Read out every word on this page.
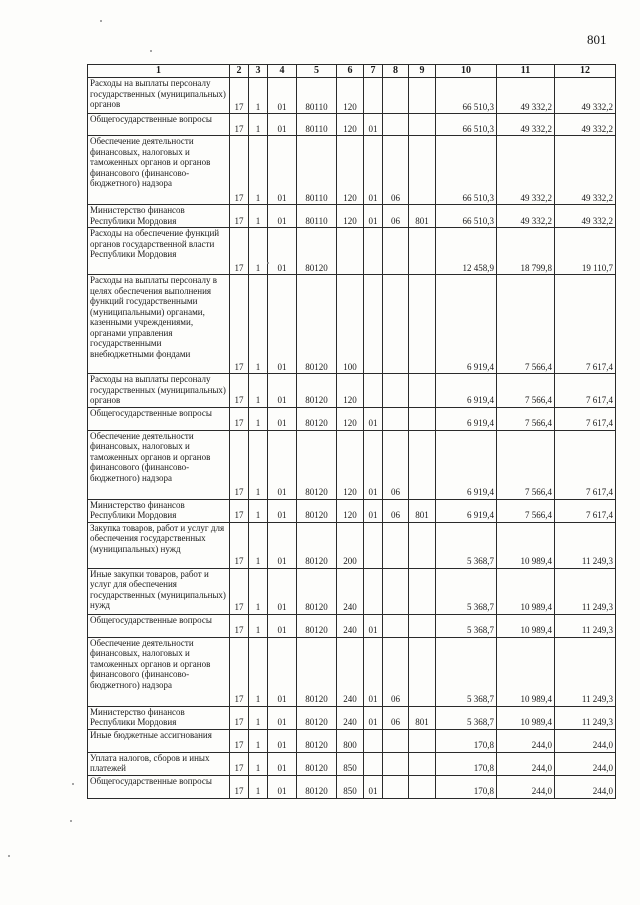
801
1	2	3	4	5	6	7	8	9	10	11	12
Расходы на выплаты персоналу государственных (муниципальных) органов	17	1	01	80110	120				66 510,3	49 332,2	49 332,2
Общегосударственные вопросы	17	1	01	80110	120	01			66 510,3	49 332,2	49 332,2
Обеспечение деятельности финансовых, налоговых и таможенных органов и органов финансового (финансово-бюджетного) надзора	17	1	01	80110	120	01	06		66 510,3	49 332,2	49 332,2
Министерство финансов Республики Мордовия	17	1	01	80110	120	01	06	801	66 510,3	49 332,2	49 332,2
Расходы на обеспечение функций органов государственной власти Республики Мордовия	17	1	01	80120					12 458,9	18 799,8	19 110,7
Расходы на выплаты персоналу в целях обеспечения выполнения функций государственными (муниципальными) органами, казенными учреждениями, органами управления государственными внебюджетными фондами	17	1	01	80120	100				6 919,4	7 566,4	7 617,4
Расходы на выплаты персоналу государственных (муниципальных) органов	17	1	01	80120	120				6 919,4	7 566,4	7 617,4
Общегосударственные вопросы	17	1	01	80120	120	01			6 919,4	7 566,4	7 617,4
Обеспечение деятельности финансовых, налоговых и таможенных органов и органов финансового (финансово-бюджетного) надзора	17	1	01	80120	120	01	06		6 919,4	7 566,4	7 617,4
Министерство финансов Республики Мордовия	17	1	01	80120	120	01	06	801	6 919,4	7 566,4	7 617,4
Закупка товаров, работ и услуг для обеспечения государственных (муниципальных) нужд	17	1	01	80120	200				5 368,7	10 989,4	11 249,3
Иные закупки товаров, работ и услуг для обеспечения государственных (муниципальных) нужд	17	1	01	80120	240				5 368,7	10 989,4	11 249,3
Общегосударственные вопросы	17	1	01	80120	240	01			5 368,7	10 989,4	11 249,3
Обеспечение деятельности финансовых, налоговых и таможенных органов и органов финансового (финансово-бюджетного) надзора	17	1	01	80120	240	01	06		5 368,7	10 989,4	11 249,3
Министерство финансов Республики Мордовия	17	1	01	80120	240	01	06	801	5 368,7	10 989,4	11 249,3
Иные бюджетные ассигнования	17	1	01	80120	800				170,8	244,0	244,0
Уплата налогов, сборов и иных платежей	17	1	01	80120	850				170,8	244,0	244,0
Общегосударственные вопросы	17	1	01	80120	850	01			170,8	244,0	244,0
